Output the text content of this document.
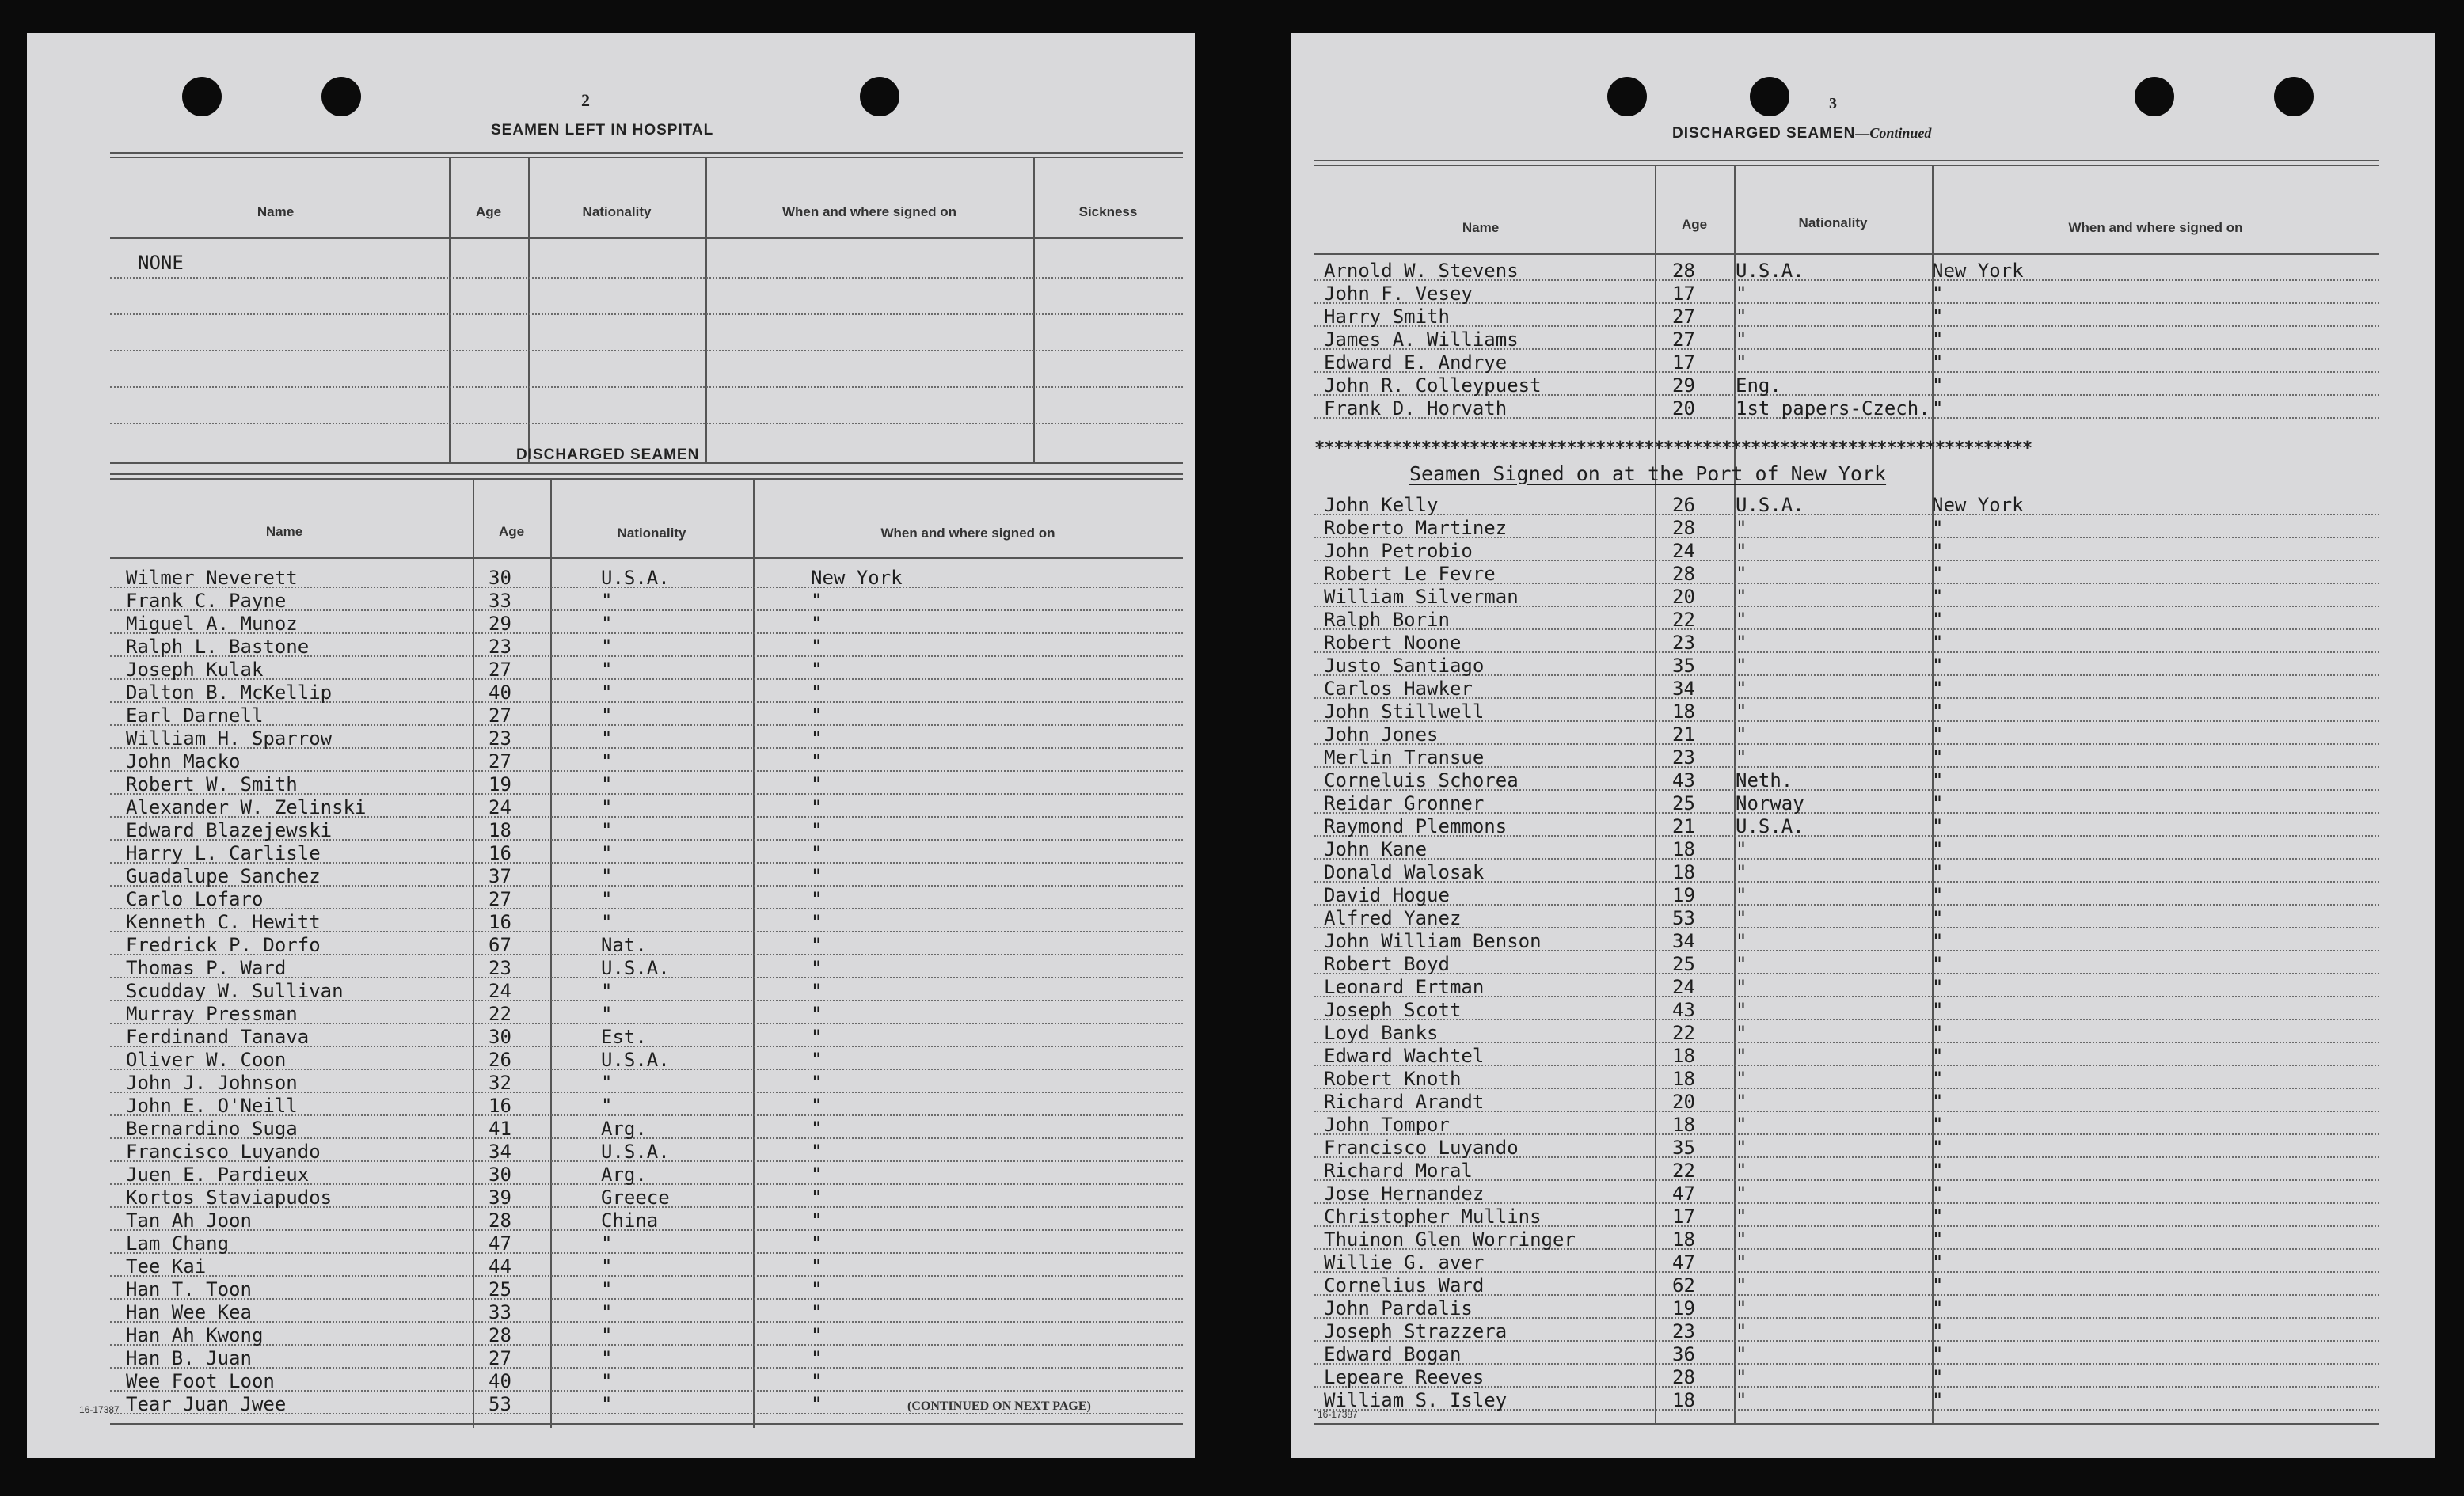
2
SEAMEN LEFT IN HOSPITAL
Name	Age	Nationality	When and where signed on	Sickness
NONE
DISCHARGED SEAMEN
Name	Age	Nationality	When and where signed on
Wilmer Neverett	30	U.S.A.	New York
Frank C. Payne	33	"	"
Miguel A. Munoz	29	"	"
Ralph L. Bastone	23	"	"
Joseph Kulak	27	"	"
Dalton B. McKellip	40	"	"
Earl Darnell	27	"	"
William H. Sparrow	23	"	"
John Macko	27	"	"
Robert W. Smith	19	"	"
Alexander W. Zelinski	24	"	"
Edward Blazejewski	18	"	"
Harry L. Carlisle	16	"	"
Guadalupe Sanchez	37	"	"
Carlo Lofaro	27	"	"
Kenneth C. Hewitt	16	"	"
Fredrick P. Dorfo	67	Nat.	"
Thomas P. Ward	23	U.S.A.	"
Scudday W. Sullivan	24	"	"
Murray Pressman	22	"	"
Ferdinand Tanava	30	Est.	"
Oliver W. Coon	26	U.S.A.	"
John J. Johnson	32	"	"
John E. O'Neill	16	"	"
Bernardino Suga	41	Arg.	"
Francisco Luyando	34	U.S.A.	"
Juen E. Pardieux	30	Arg.	"
Kortos Staviapudos	39	Greece	"
Tan Ah Joon	28	China	"
Lam Chang	47	"	"
Tee Kai	44	"	"
Han T. Toon	25	"	"
Han Wee Kea	33	"	"
Han Ah Kwong	28	"	"
Han B. Juan	27	"	"
Wee Foot Loon	40	"	"
Tear Juan Jwee	53	"	"
16-17387	(CONTINUED ON NEXT PAGE)
3
DISCHARGED SEAMEN—Continued
Name	Age	Nationality	When and where signed on
Arnold W. Stevens	28 U.S.A.	New York
John F. Vesey	17 "	"
Harry Smith	27 "	"
James A. Williams	27 "	"
Edward E. Andrye	17 "	"
John R. Colleypuest	29 Eng.	"
Frank D. Horvath	20 1st papers-Czech. "
**************************************************************************
Seamen Signed on at the Port of New York
John Kelly	26 U.S.A.	New York
Roberto Martinez	28 "	"
John Petrobio	24 "	"
Robert Le Fevre	28 "	"
William Silverman	20 "	"
Ralph Borin	22 "	"
Robert Noone	23 "	"
Justo Santiago	35 "	"
Carlos Hawker	34 "	"
John Stillwell	18 "	"
John Jones	21 "	"
Merlin Transue	23 "	"
Corneluis Schorea	43 Neth.	"
Reidar Gronner	25 Norway	"
Raymond Plemmons	21 U.S.A.	"
John Kane	18 "	"
Donald Walosak	18 "	"
David Hogue	19 "	"
Alfred Yanez	53 "	"
John William Benson	34 "	"
Robert Boyd	25 "	"
Leonard Ertman	24 "	"
Joseph Scott	43 "	"
Loyd Banks	22 "	"
Edward Wachtel	18 "	"
Robert Knoth	18 "	"
Richard Arandt	20 "	"
John Tompor	18 "	"
Francisco Luyando	35 "	"
Richard Moral	22 "	"
Jose Hernandez	47 "	"
Christopher Mullins	17 "	"
Thuinon Glen Worringer	18 "	"
Willie G. aver	47 "	"
Cornelius Ward	62 "	"
John Pardalis	19 "	"
Joseph Strazzera	23 "	"
Edward Bogan	36 "	"
Lepeare Reeves	28 "	"
William S. Isley	18 "	"
16-17387
